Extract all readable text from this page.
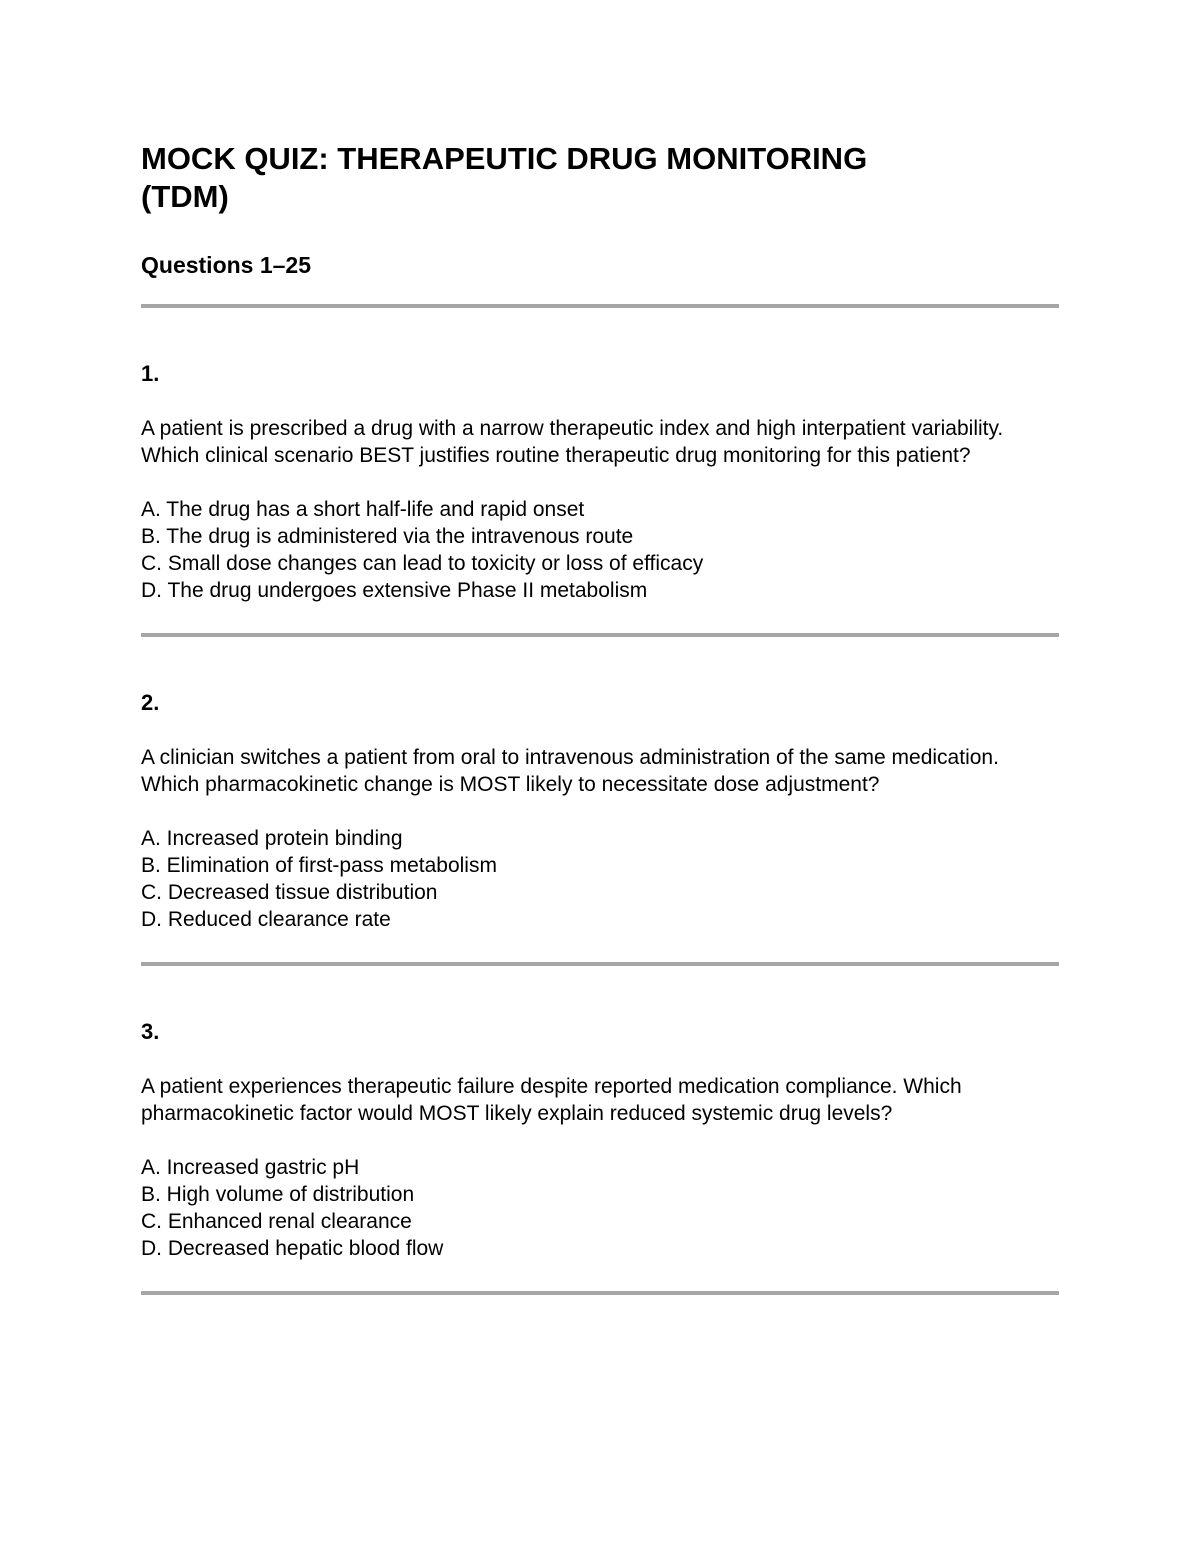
MOCK QUIZ: THERAPEUTIC DRUG MONITORING
(TDM)
Questions 1–25
1.

A patient is prescribed a drug with a narrow therapeutic index and high interpatient variability. Which clinical scenario BEST justifies routine therapeutic drug monitoring for this patient?

A. The drug has a short half-life and rapid onset
B. The drug is administered via the intravenous route
C. Small dose changes can lead to toxicity or loss of efficacy
D. The drug undergoes extensive Phase II metabolism
2.

A clinician switches a patient from oral to intravenous administration of the same medication. Which pharmacokinetic change is MOST likely to necessitate dose adjustment?

A. Increased protein binding
B. Elimination of first-pass metabolism
C. Decreased tissue distribution
D. Reduced clearance rate
3.

A patient experiences therapeutic failure despite reported medication compliance. Which pharmacokinetic factor would MOST likely explain reduced systemic drug levels?

A. Increased gastric pH
B. High volume of distribution
C. Enhanced renal clearance
D. Decreased hepatic blood flow
